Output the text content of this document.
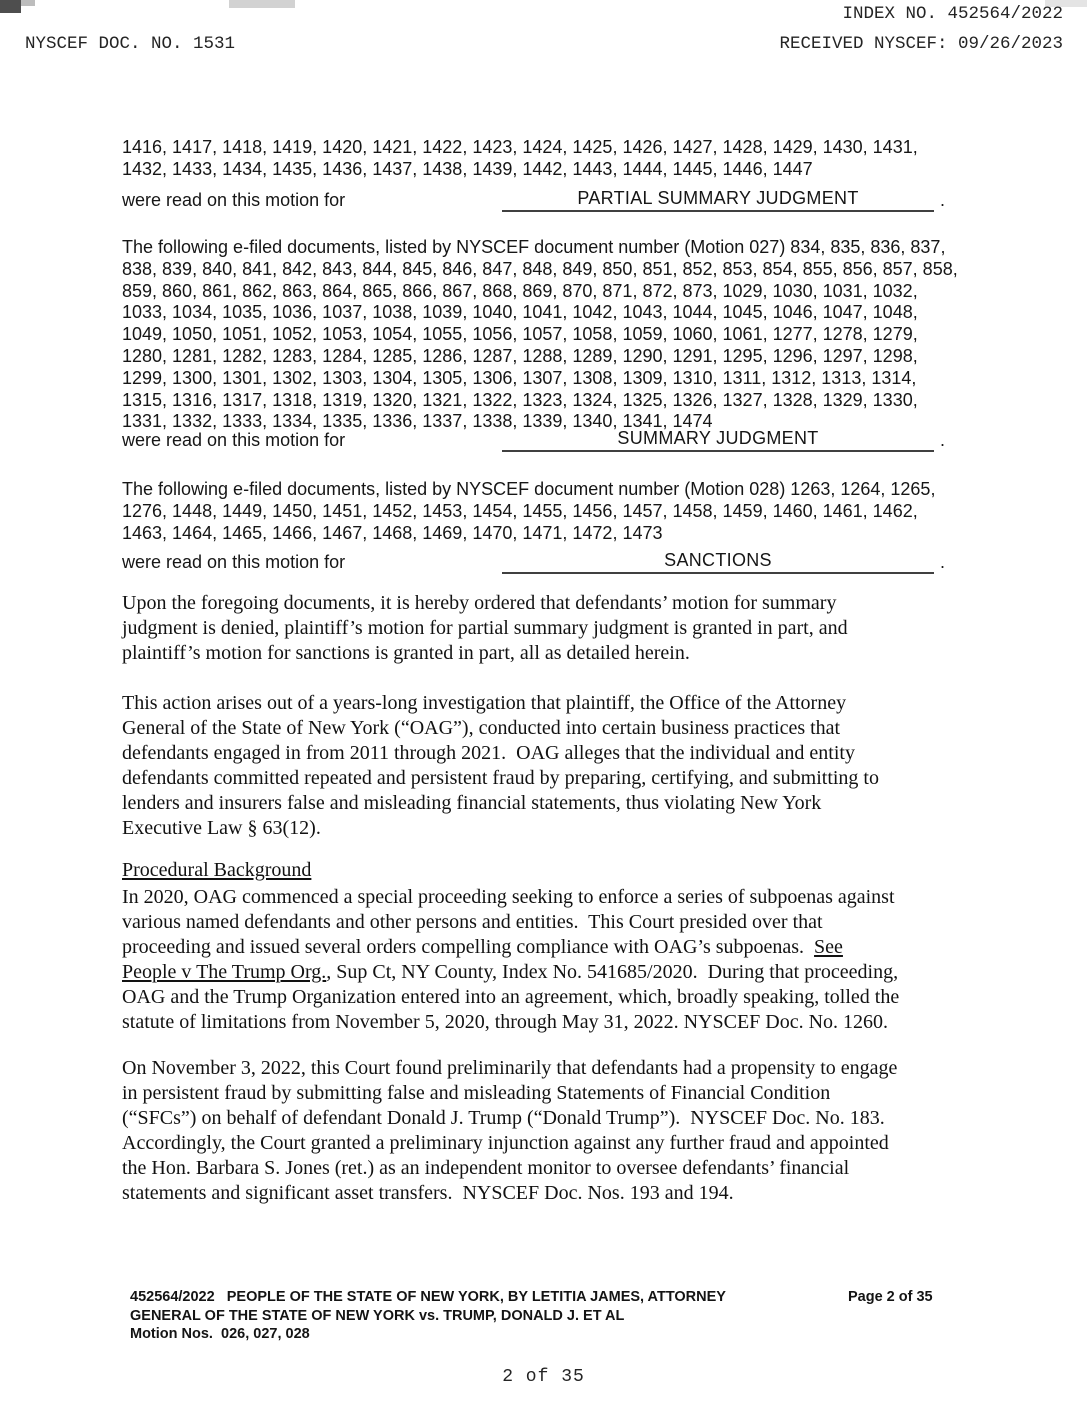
INDEX NO. 452564/2022
NYSCEF DOC. NO. 1531	RECEIVED NYSCEF: 09/26/2023
1416, 1417, 1418, 1419, 1420, 1421, 1422, 1423, 1424, 1425, 1426, 1427, 1428, 1429, 1430, 1431,
1432, 1433, 1434, 1435, 1436, 1437, 1438, 1439, 1442, 1443, 1444, 1445, 1446, 1447
were read on this motion for	PARTIAL SUMMARY JUDGMENT	.
The following e-filed documents, listed by NYSCEF document number (Motion 027) 834, 835, 836, 837,
838, 839, 840, 841, 842, 843, 844, 845, 846, 847, 848, 849, 850, 851, 852, 853, 854, 855, 856, 857, 858,
859, 860, 861, 862, 863, 864, 865, 866, 867, 868, 869, 870, 871, 872, 873, 1029, 1030, 1031, 1032,
1033, 1034, 1035, 1036, 1037, 1038, 1039, 1040, 1041, 1042, 1043, 1044, 1045, 1046, 1047, 1048,
1049, 1050, 1051, 1052, 1053, 1054, 1055, 1056, 1057, 1058, 1059, 1060, 1061, 1277, 1278, 1279,
1280, 1281, 1282, 1283, 1284, 1285, 1286, 1287, 1288, 1289, 1290, 1291, 1295, 1296, 1297, 1298,
1299, 1300, 1301, 1302, 1303, 1304, 1305, 1306, 1307, 1308, 1309, 1310, 1311, 1312, 1313, 1314,
1315, 1316, 1317, 1318, 1319, 1320, 1321, 1322, 1323, 1324, 1325, 1326, 1327, 1328, 1329, 1330,
1331, 1332, 1333, 1334, 1335, 1336, 1337, 1338, 1339, 1340, 1341, 1474
were read on this motion for	SUMMARY JUDGMENT	.
The following e-filed documents, listed by NYSCEF document number (Motion 028) 1263, 1264, 1265,
1276, 1448, 1449, 1450, 1451, 1452, 1453, 1454, 1455, 1456, 1457, 1458, 1459, 1460, 1461, 1462,
1463, 1464, 1465, 1466, 1467, 1468, 1469, 1470, 1471, 1472, 1473
were read on this motion for	SANCTIONS	.
Upon the foregoing documents, it is hereby ordered that defendants’ motion for summary
judgment is denied, plaintiff’s motion for partial summary judgment is granted in part, and
plaintiff’s motion for sanctions is granted in part, all as detailed herein.
This action arises out of a years-long investigation that plaintiff, the Office of the Attorney
General of the State of New York (“OAG”), conducted into certain business practices that
defendants engaged in from 2011 through 2021.  OAG alleges that the individual and entity
defendants committed repeated and persistent fraud by preparing, certifying, and submitting to
lenders and insurers false and misleading financial statements, thus violating New York
Executive Law § 63(12).
Procedural Background
In 2020, OAG commenced a special proceeding seeking to enforce a series of subpoenas against
various named defendants and other persons and entities.  This Court presided over that
proceeding and issued several orders compelling compliance with OAG’s subpoenas.  See
People v The Trump Org., Sup Ct, NY County, Index No. 541685/2020.  During that proceeding,
OAG and the Trump Organization entered into an agreement, which, broadly speaking, tolled the
statute of limitations from November 5, 2020, through May 31, 2022. NYSCEF Doc. No. 1260.
On November 3, 2022, this Court found preliminarily that defendants had a propensity to engage
in persistent fraud by submitting false and misleading Statements of Financial Condition
(“SFCs”) on behalf of defendant Donald J. Trump (“Donald Trump”).  NYSCEF Doc. No. 183.
Accordingly, the Court granted a preliminary injunction against any further fraud and appointed
the Hon. Barbara S. Jones (ret.) as an independent monitor to oversee defendants’ financial
statements and significant asset transfers.  NYSCEF Doc. Nos. 193 and 194.
452564/2022   PEOPLE OF THE STATE OF NEW YORK, BY LETITIA JAMES, ATTORNEY
GENERAL OF THE STATE OF NEW YORK vs. TRUMP, DONALD J. ET AL
Motion Nos.  026, 027, 028
Page 2 of 35
2 of 35
